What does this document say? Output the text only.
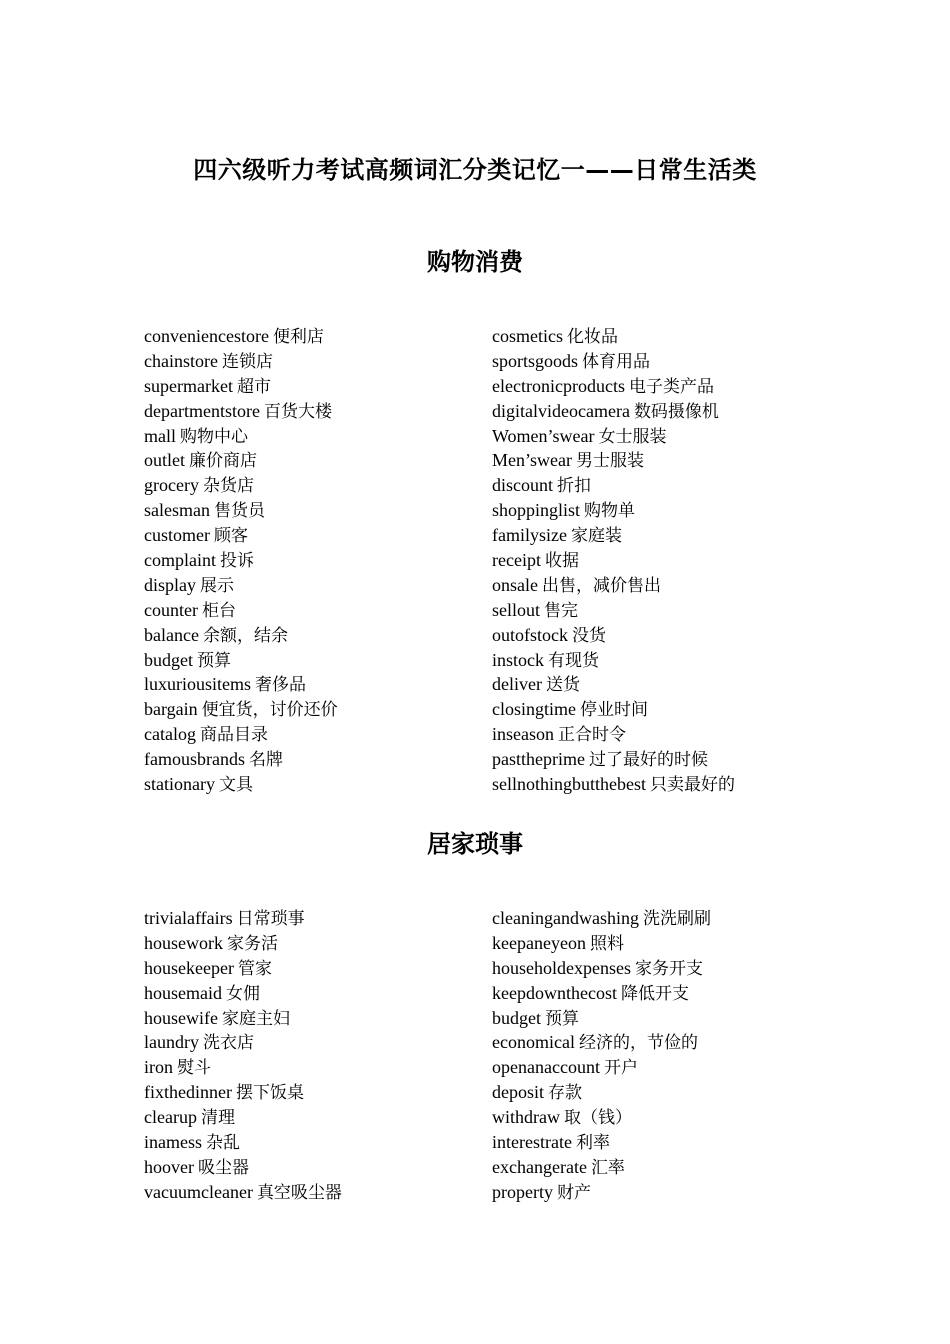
四六级听力考试高频词汇分类记忆一——日常生活类
购物消费
conveniencestore 便利店
chainstore 连锁店
supermarket 超市
departmentstore 百货大楼
mall 购物中心
outlet 廉价商店
grocery 杂货店
salesman 售货员
customer 顾客
complaint 投诉
display 展示
counter 柜台
balance 余额，结余
budget 预算
luxuriousitems 奢侈品
bargain 便宜货，讨价还价
catalog 商品目录
famousbrands 名牌
stationary 文具
cosmetics 化妆品
sportsgoods 体育用品
electronicproducts 电子类产品
digitalvideocamera 数码摄像机
Women’swear 女士服装
Men’swear 男士服装
discount 折扣
shoppinglist 购物单
familysize 家庭装
receipt 收据
onsale 出售，减价售出
sellout 售完
outofstock 没货
instock 有现货
deliver 送货
closingtime 停业时间
inseason 正合时令
pasttheprime 过了最好的时候
sellnothingbutthebest 只卖最好的
居家琐事
trivialaffairs 日常琐事
housework 家务活
housekeeper 管家
housemaid 女佣
housewife 家庭主妇
laundry 洗衣店
iron 熨斗
fixthedinner 摆下饭桌
clearup 清理
inamess 杂乱
hoover 吸尘器
vacuumcleaner 真空吸尘器
cleaningandwashing 洗洗刷刷
keepaneyeon 照料
householdexpenses 家务开支
keepdownthecost 降低开支
budget 预算
economical 经济的，节俭的
openanaccount 开户
deposit 存款
withdraw 取（钱）
interestrate 利率
exchangerate 汇率
property 财产
